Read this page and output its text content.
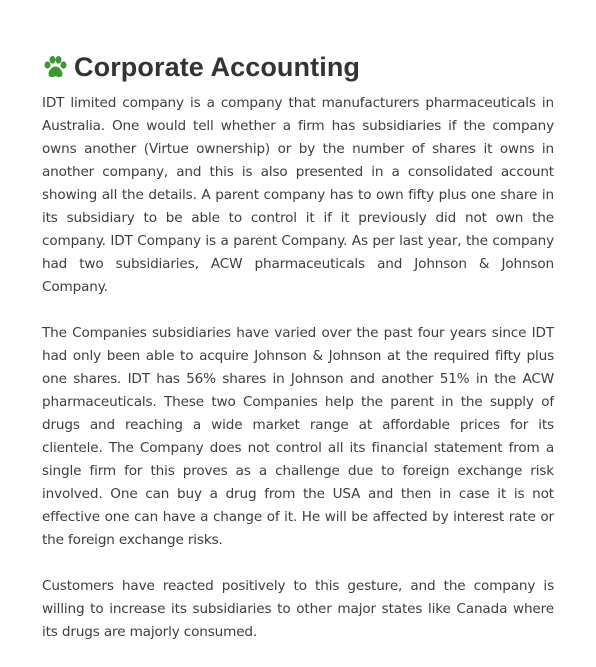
Corporate Accounting

IDT limited company is a company that manufacturers pharmaceuticals in Australia. One would tell whether a firm has subsidiaries if the company owns another (Virtue ownership) or by the number of shares it owns in another company, and this is also presented in a consolidated account showing all the details. A parent company has to own fifty plus one share in its subsidiary to be able to control it if it previously did not own the company. IDT Company is a parent Company. As per last year, the company had two subsidiaries, ACW pharmaceuticals and Johnson & Johnson Company.

The Companies subsidiaries have varied over the past four years since IDT had only been able to acquire Johnson & Johnson at the required fifty plus one shares. IDT has 56% shares in Johnson and another 51% in the ACW pharmaceuticals. These two Companies help the parent in the supply of drugs and reaching a wide market range at affordable prices for its clientele. The Company does not control all its financial statement from a single firm for this proves as a challenge due to foreign exchange risk involved. One can buy a drug from the USA and then in case it is not effective one can have a change of it. He will be affected by interest rate or the foreign exchange risks.

Customers have reacted positively to this gesture, and the company is willing to increase its subsidiaries to other major states like Canada where its drugs are majorly consumed.
